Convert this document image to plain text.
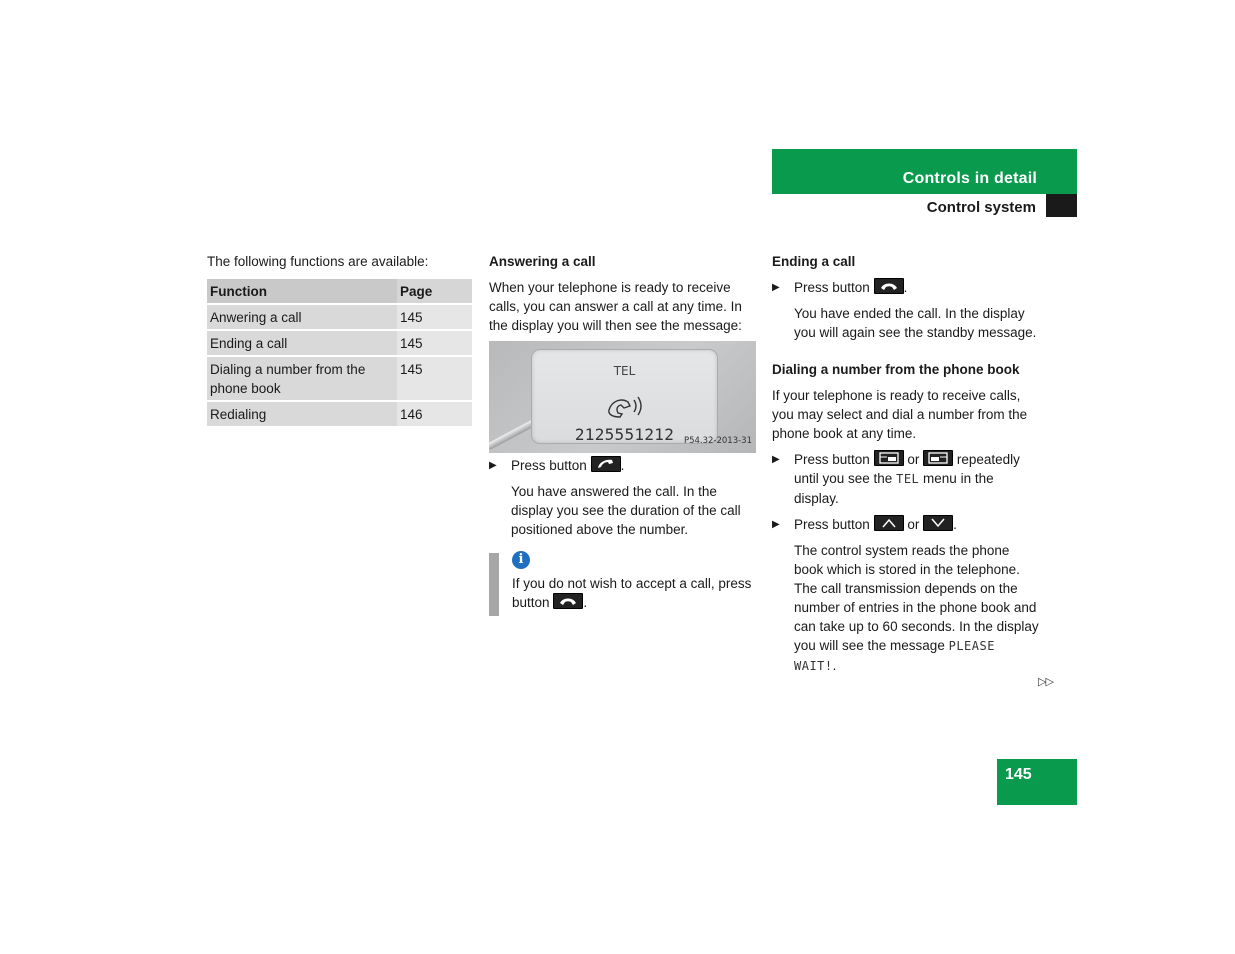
Controls in detail
Control system
The following functions are available:
Function	Page
Anwering a call	145
Ending a call	145
Dialing a number from the phone book	145
Redialing	146
Answering a call
When your telephone is ready to receive calls, you can answer a call at any time. In the display you will then see the message:
TEL
2125551212	P54.32-2013-31
▶ Press button	.
You have answered the call. In the display you see the duration of the call positioned above the number.
i
If you do not wish to accept a call, press button	.
Ending a call
▶ Press button	.
You have ended the call. In the display you will again see the standby message.
Dialing a number from the phone book
If your telephone is ready to receive calls, you may select and dial a number from the phone book at any time.
▶ Press button	or	repeatedly until you see the TEL menu in the display.
▶ Press button	or	.
The control system reads the phone book which is stored in the telephone. The call transmission depends on the number of entries in the phone book and can take up to 60 seconds. In the display you will see the message PLEASE WAIT!.
▷▷
145
